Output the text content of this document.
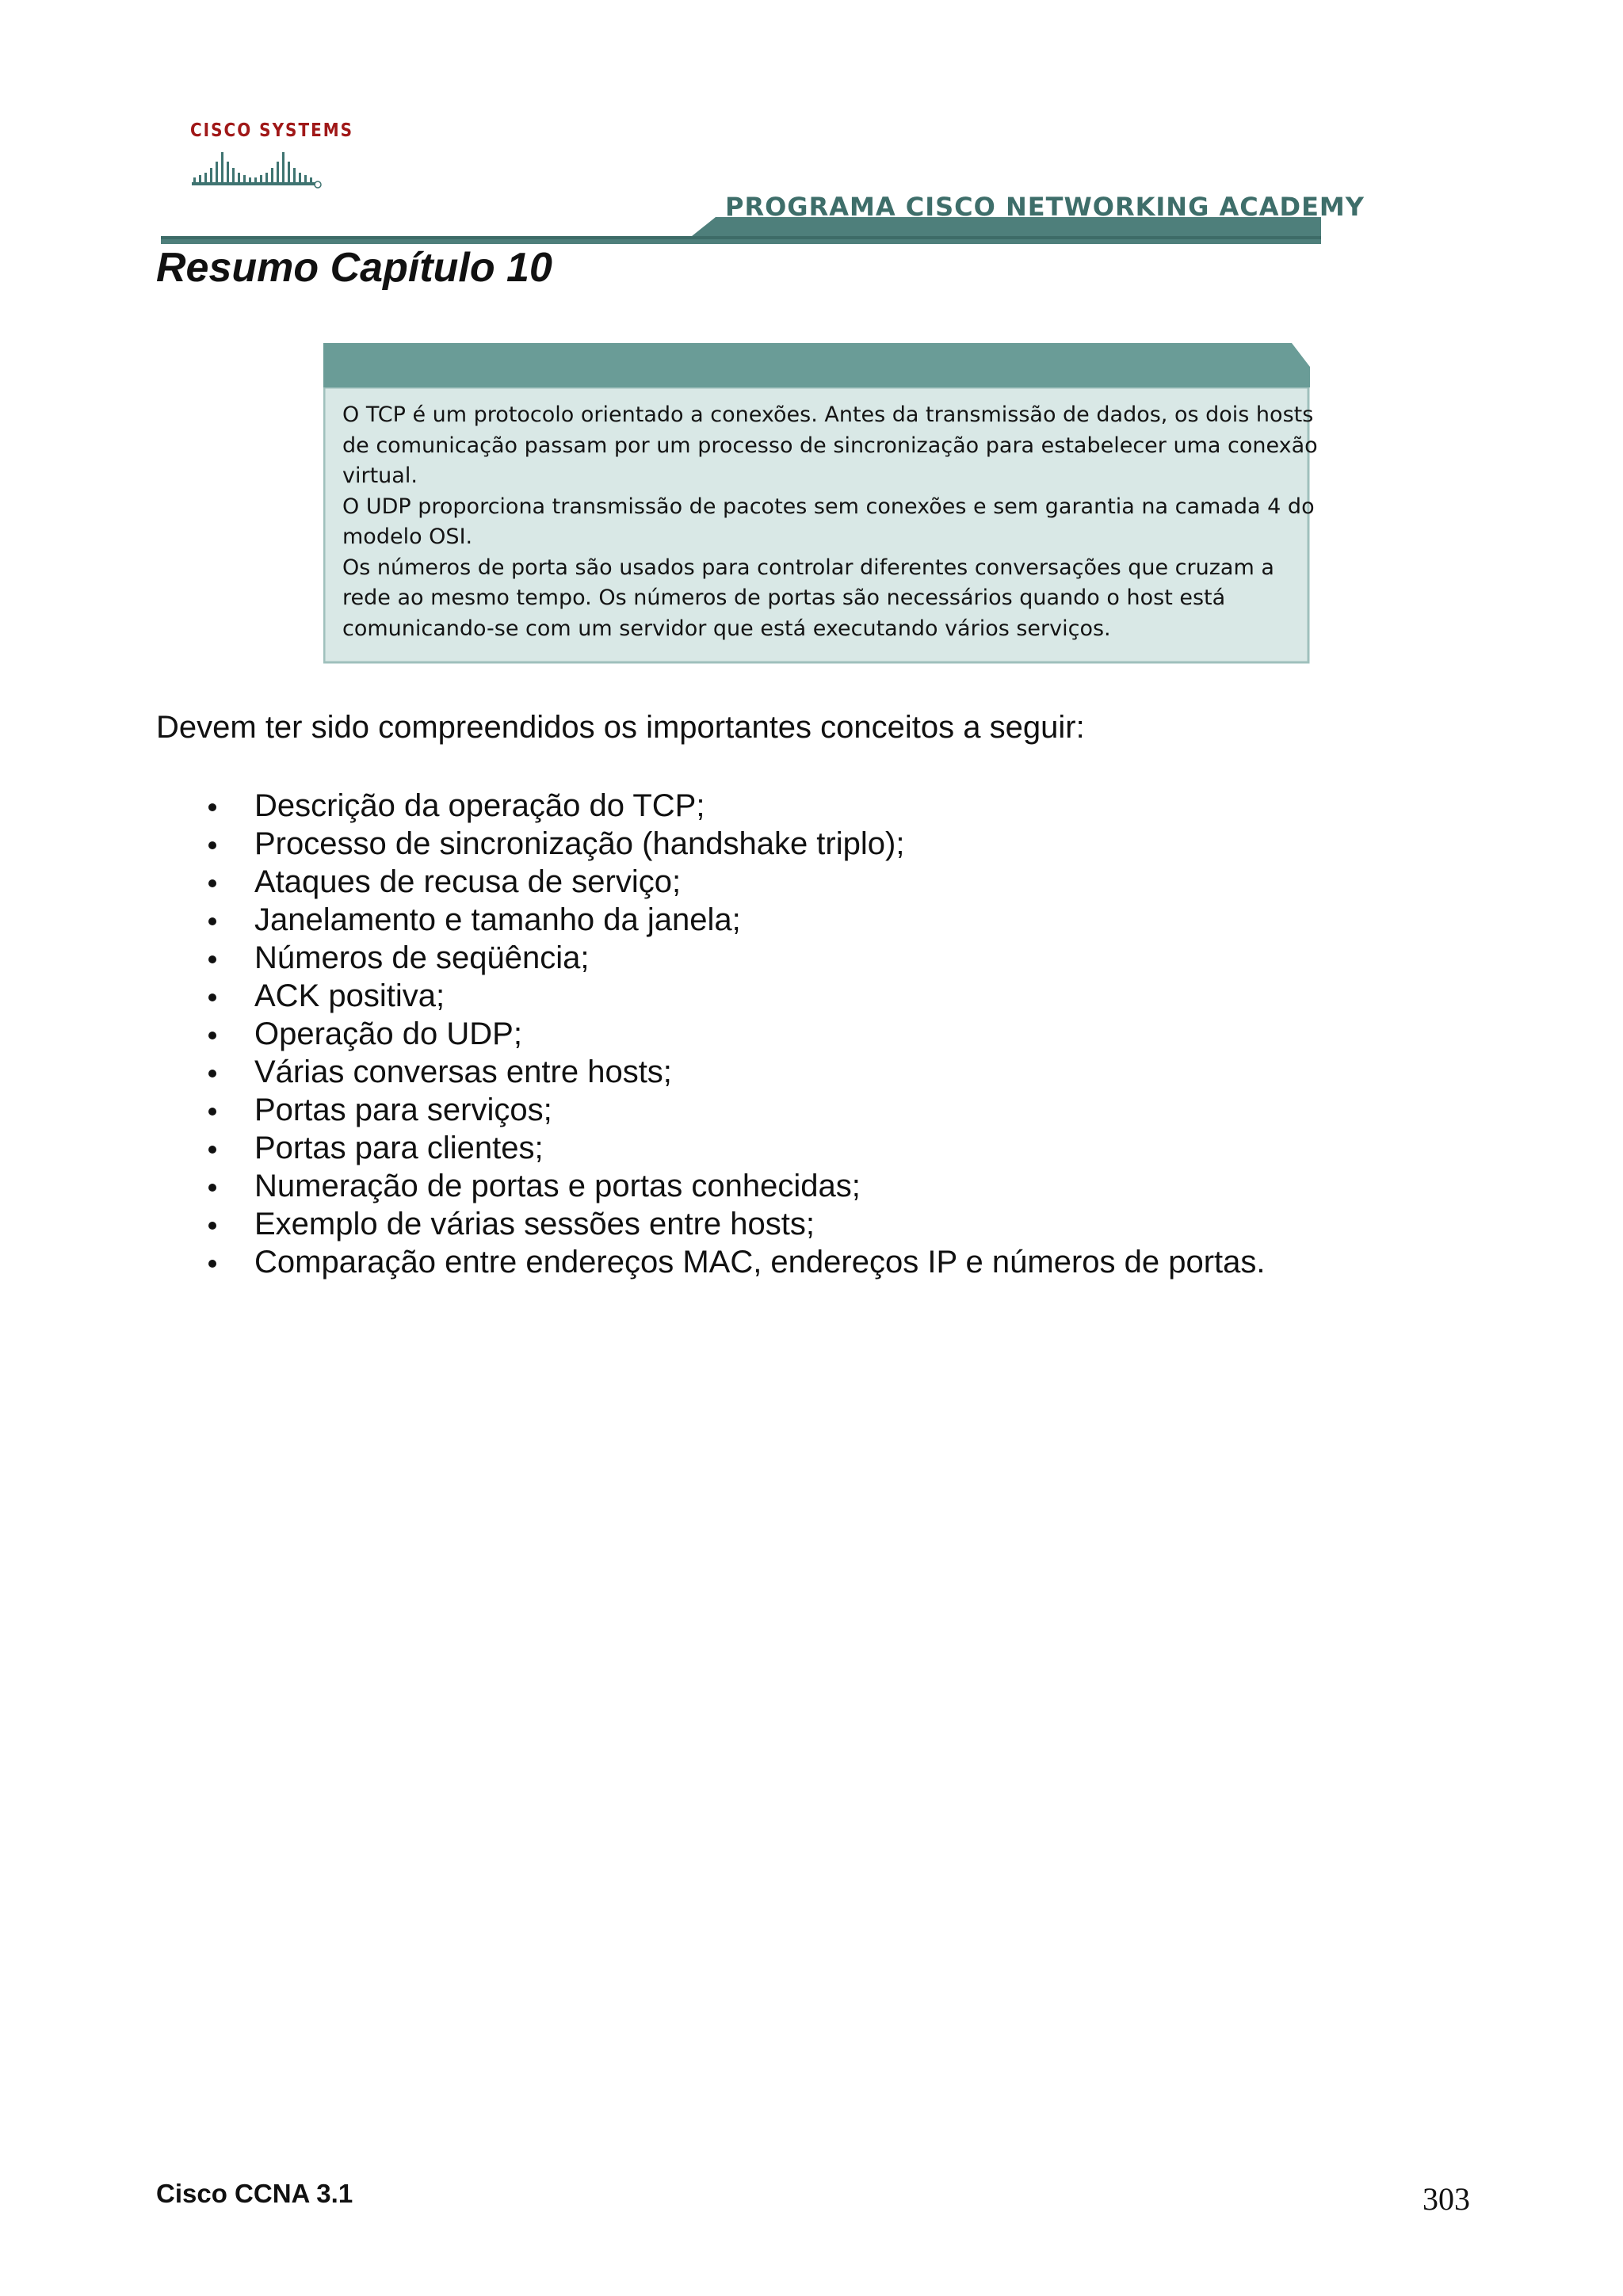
CISCO SYSTEMS
PROGRAMA CISCO NETWORKING ACADEMY
Resumo Capítulo 10
O TCP é um protocolo orientado a conexões. Antes da transmissão de dados, os dois hosts
de comunicação passam por um processo de sincronização para estabelecer uma conexão
virtual.
O UDP proporciona transmissão de pacotes sem conexões e sem garantia na camada 4 do
modelo OSI.
Os números de porta são usados para controlar diferentes conversações que cruzam a
rede ao mesmo tempo. Os números de portas são necessários quando o host está
comunicando-se com um servidor que está executando vários serviços.

Devem ter sido compreendidos os importantes conceitos a seguir:

Descrição da operação do TCP;
Processo de sincronização (handshake triplo);
Ataques de recusa de serviço;
Janelamento e tamanho da janela;
Números de seqüência;
ACK positiva;
Operação do UDP;
Várias conversas entre hosts;
Portas para serviços;
Portas para clientes;
Numeração de portas e portas conhecidas;
Exemplo de várias sessões entre hosts;
Comparação entre endereços MAC, endereços IP e números de portas.
Cisco CCNA 3.1	303
